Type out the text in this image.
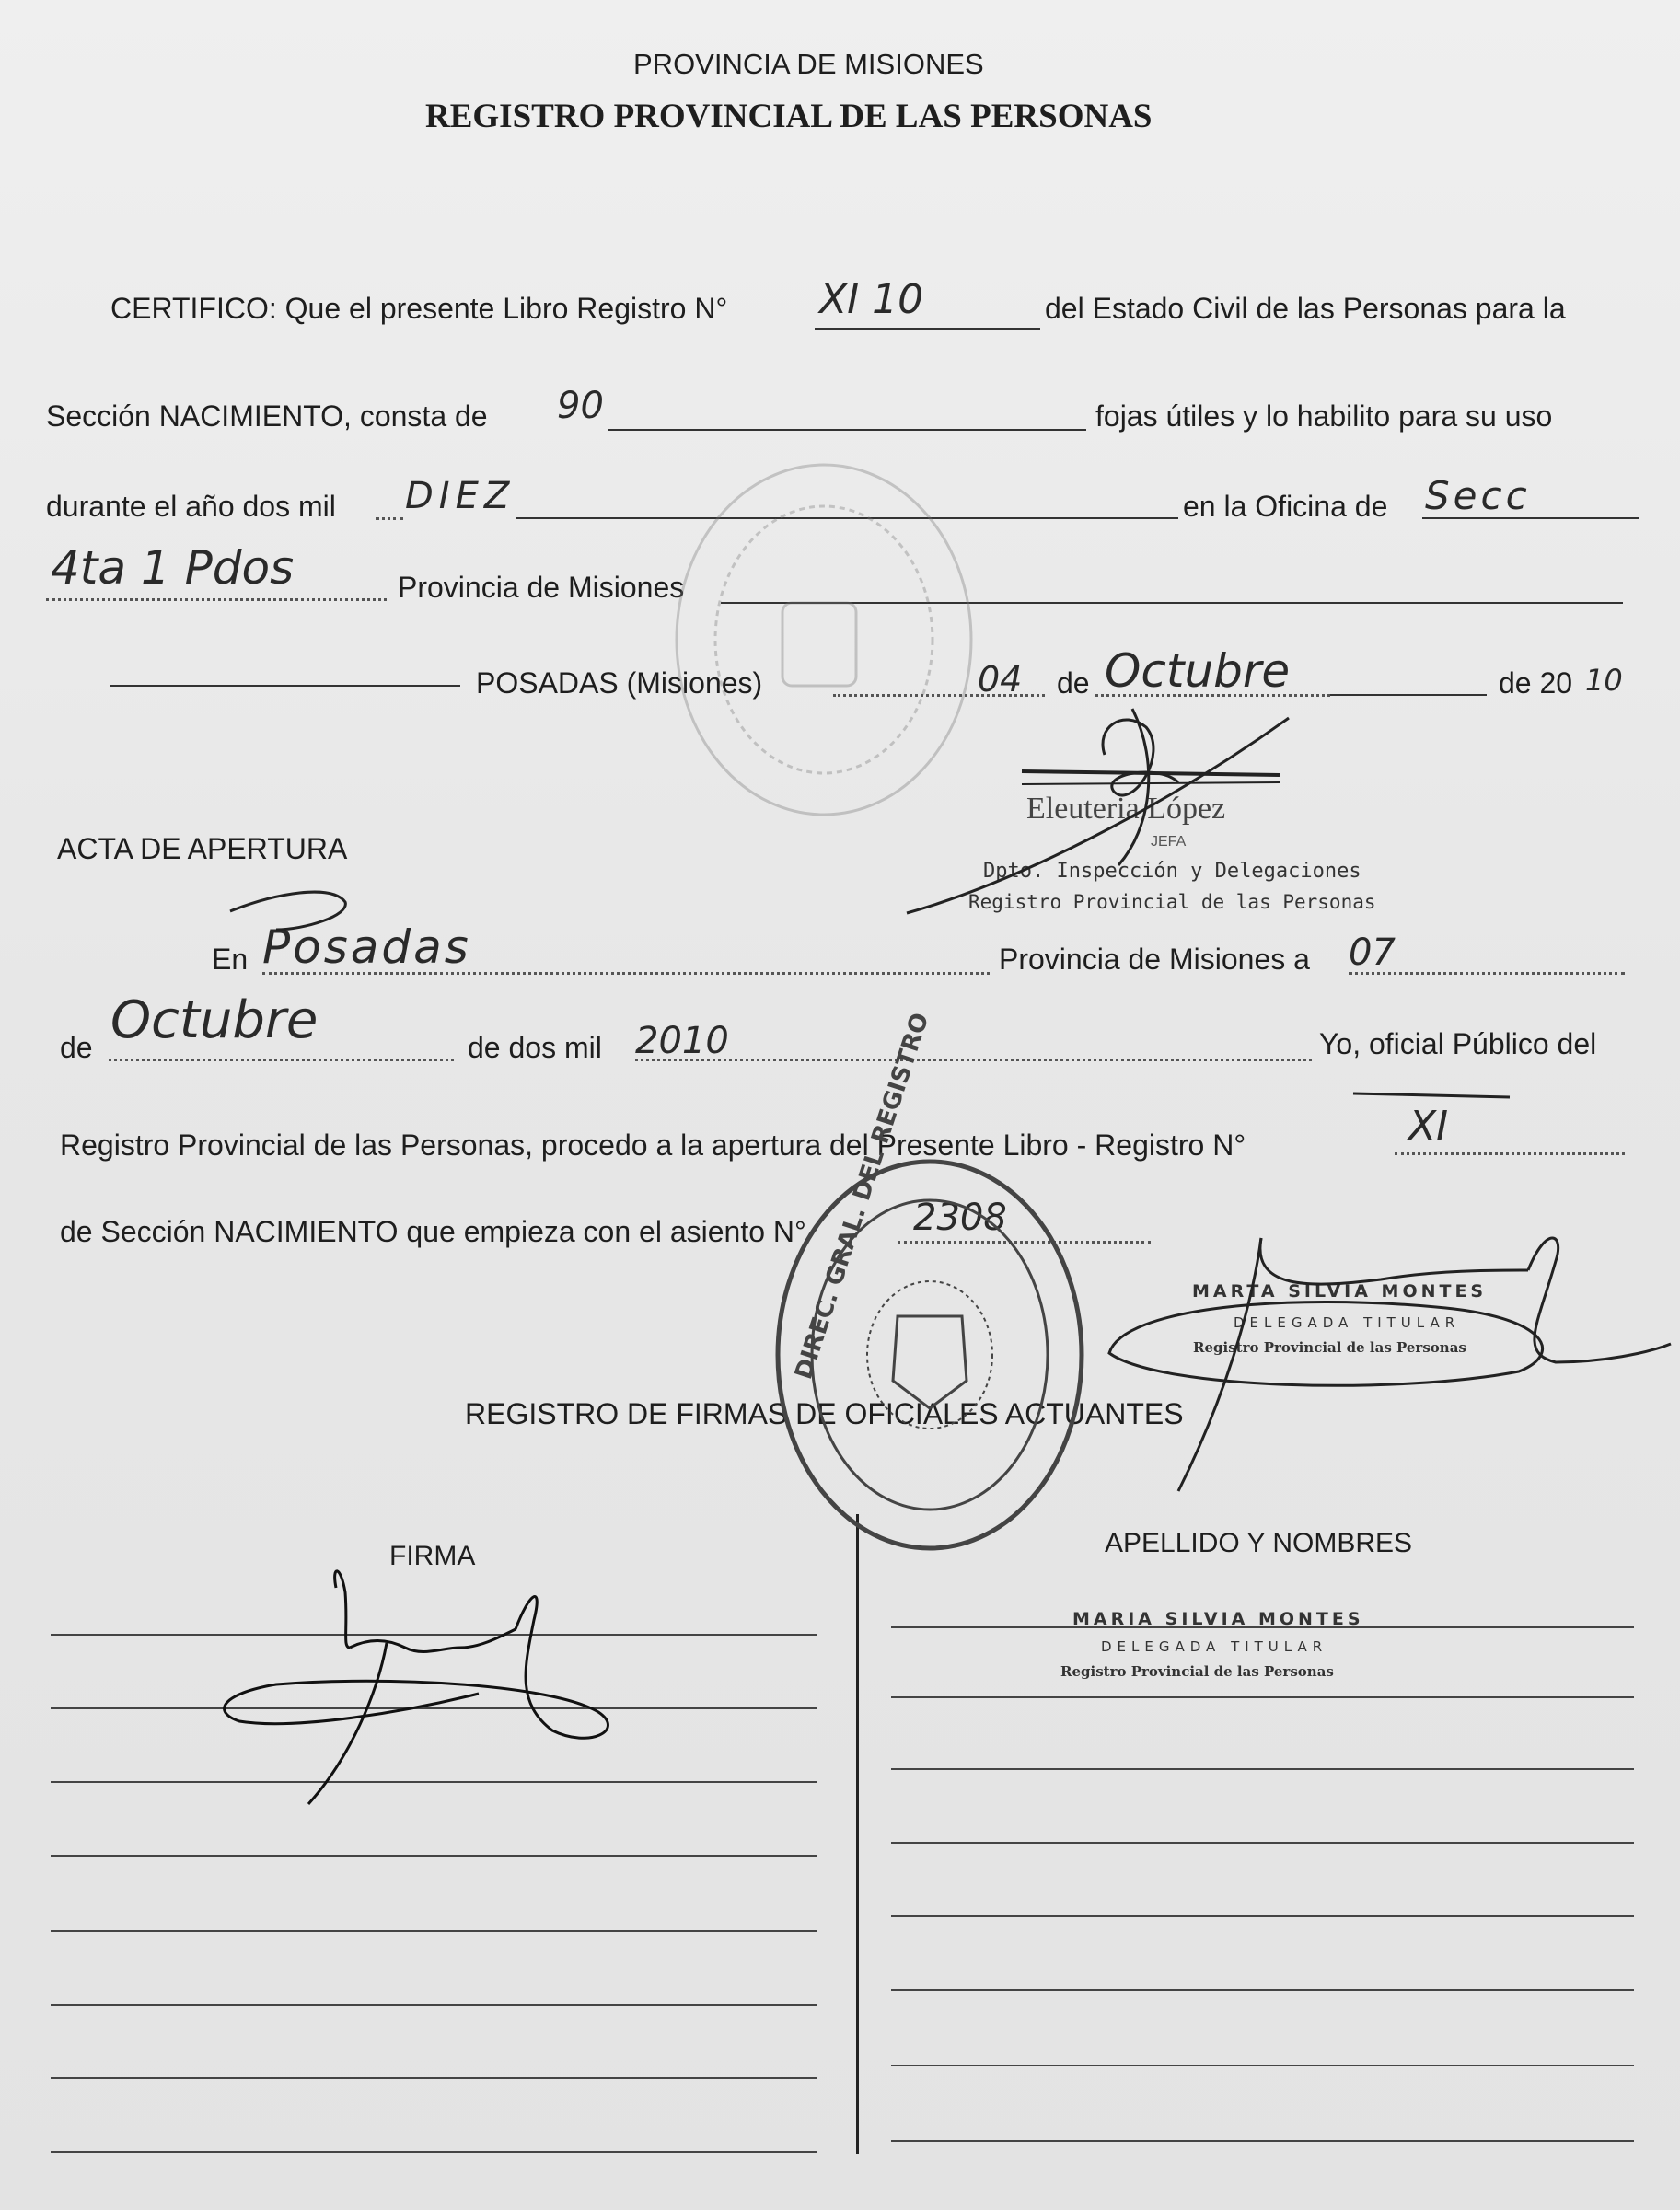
PROVINCIA DE MISIONES
REGISTRO PROVINCIAL DE LAS PERSONAS
CERTIFICO: Que el presente Libro Registro N° XI 10	del Estado Civil de las Personas para la
Sección NACIMIENTO, consta de 90	fojas útiles y lo habilito para su uso
durante el año dos mil DIEZ	en la Oficina de Secc
4ta 1 Pdos	Provincia de Misiones
POSADAS (Misiones)	04 de Octubre	de 20 10
Eleuteria López
JEFA
Dpto. Inspección y Delegaciones
Registro Provincial de las Personas
ACTA DE APERTURA
En Posadas	Provincia de Misiones a 07
de Octubre	de dos mil 2010	Yo, oficial Público del
Registro Provincial de las Personas, procedo a la apertura del Presente Libro - Registro N°	XI
de Sección NACIMIENTO que empieza con el asiento N°	2308
MARTA SILVIA MONTES
DELEGADA TITULAR
Registro Provincial de las Personas
REGISTRO DE FIRMAS DE OFICIALES ACTUANTES
FIRMA	APELLIDO Y NOMBRES
MARIA SILVIA MONTES
DELEGADA TITULAR
Registro Provincial de las Personas
DIREC. GRAL. DEL REGISTRO
